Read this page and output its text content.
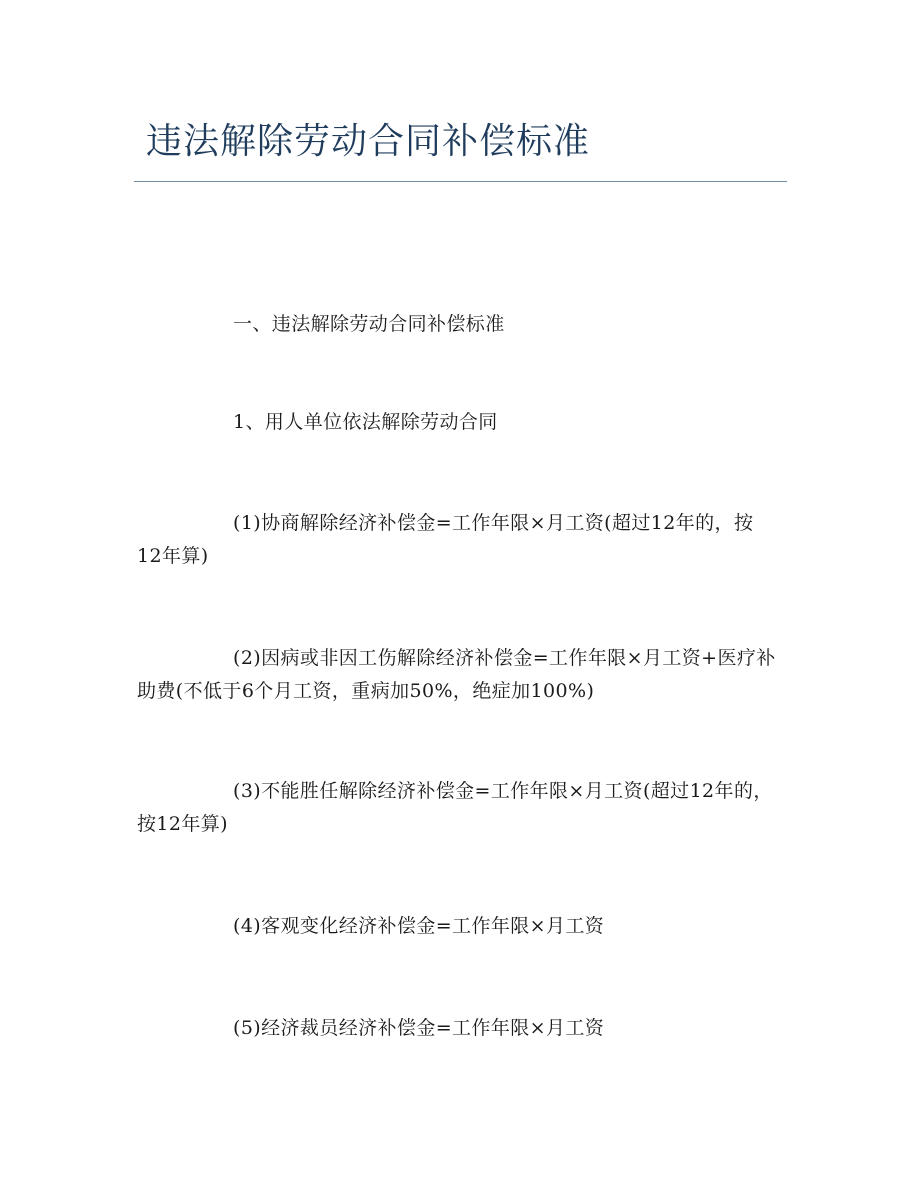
违法解除劳动合同补偿标准

一、违法解除劳动合同补偿标准

1、用人单位依法解除劳动合同

(1)协商解除经济补偿金=工作年限×月工资(超过12年的，按12年算)

(2)因病或非因工伤解除经济补偿金=工作年限×月工资+医疗补助费(不低于6个月工资，重病加50%，绝症加100%)

(3)不能胜任解除经济补偿金=工作年限×月工资(超过12年的，按12年算)

(4)客观变化经济补偿金=工作年限×月工资

(5)经济裁员经济补偿金=工作年限×月工资
